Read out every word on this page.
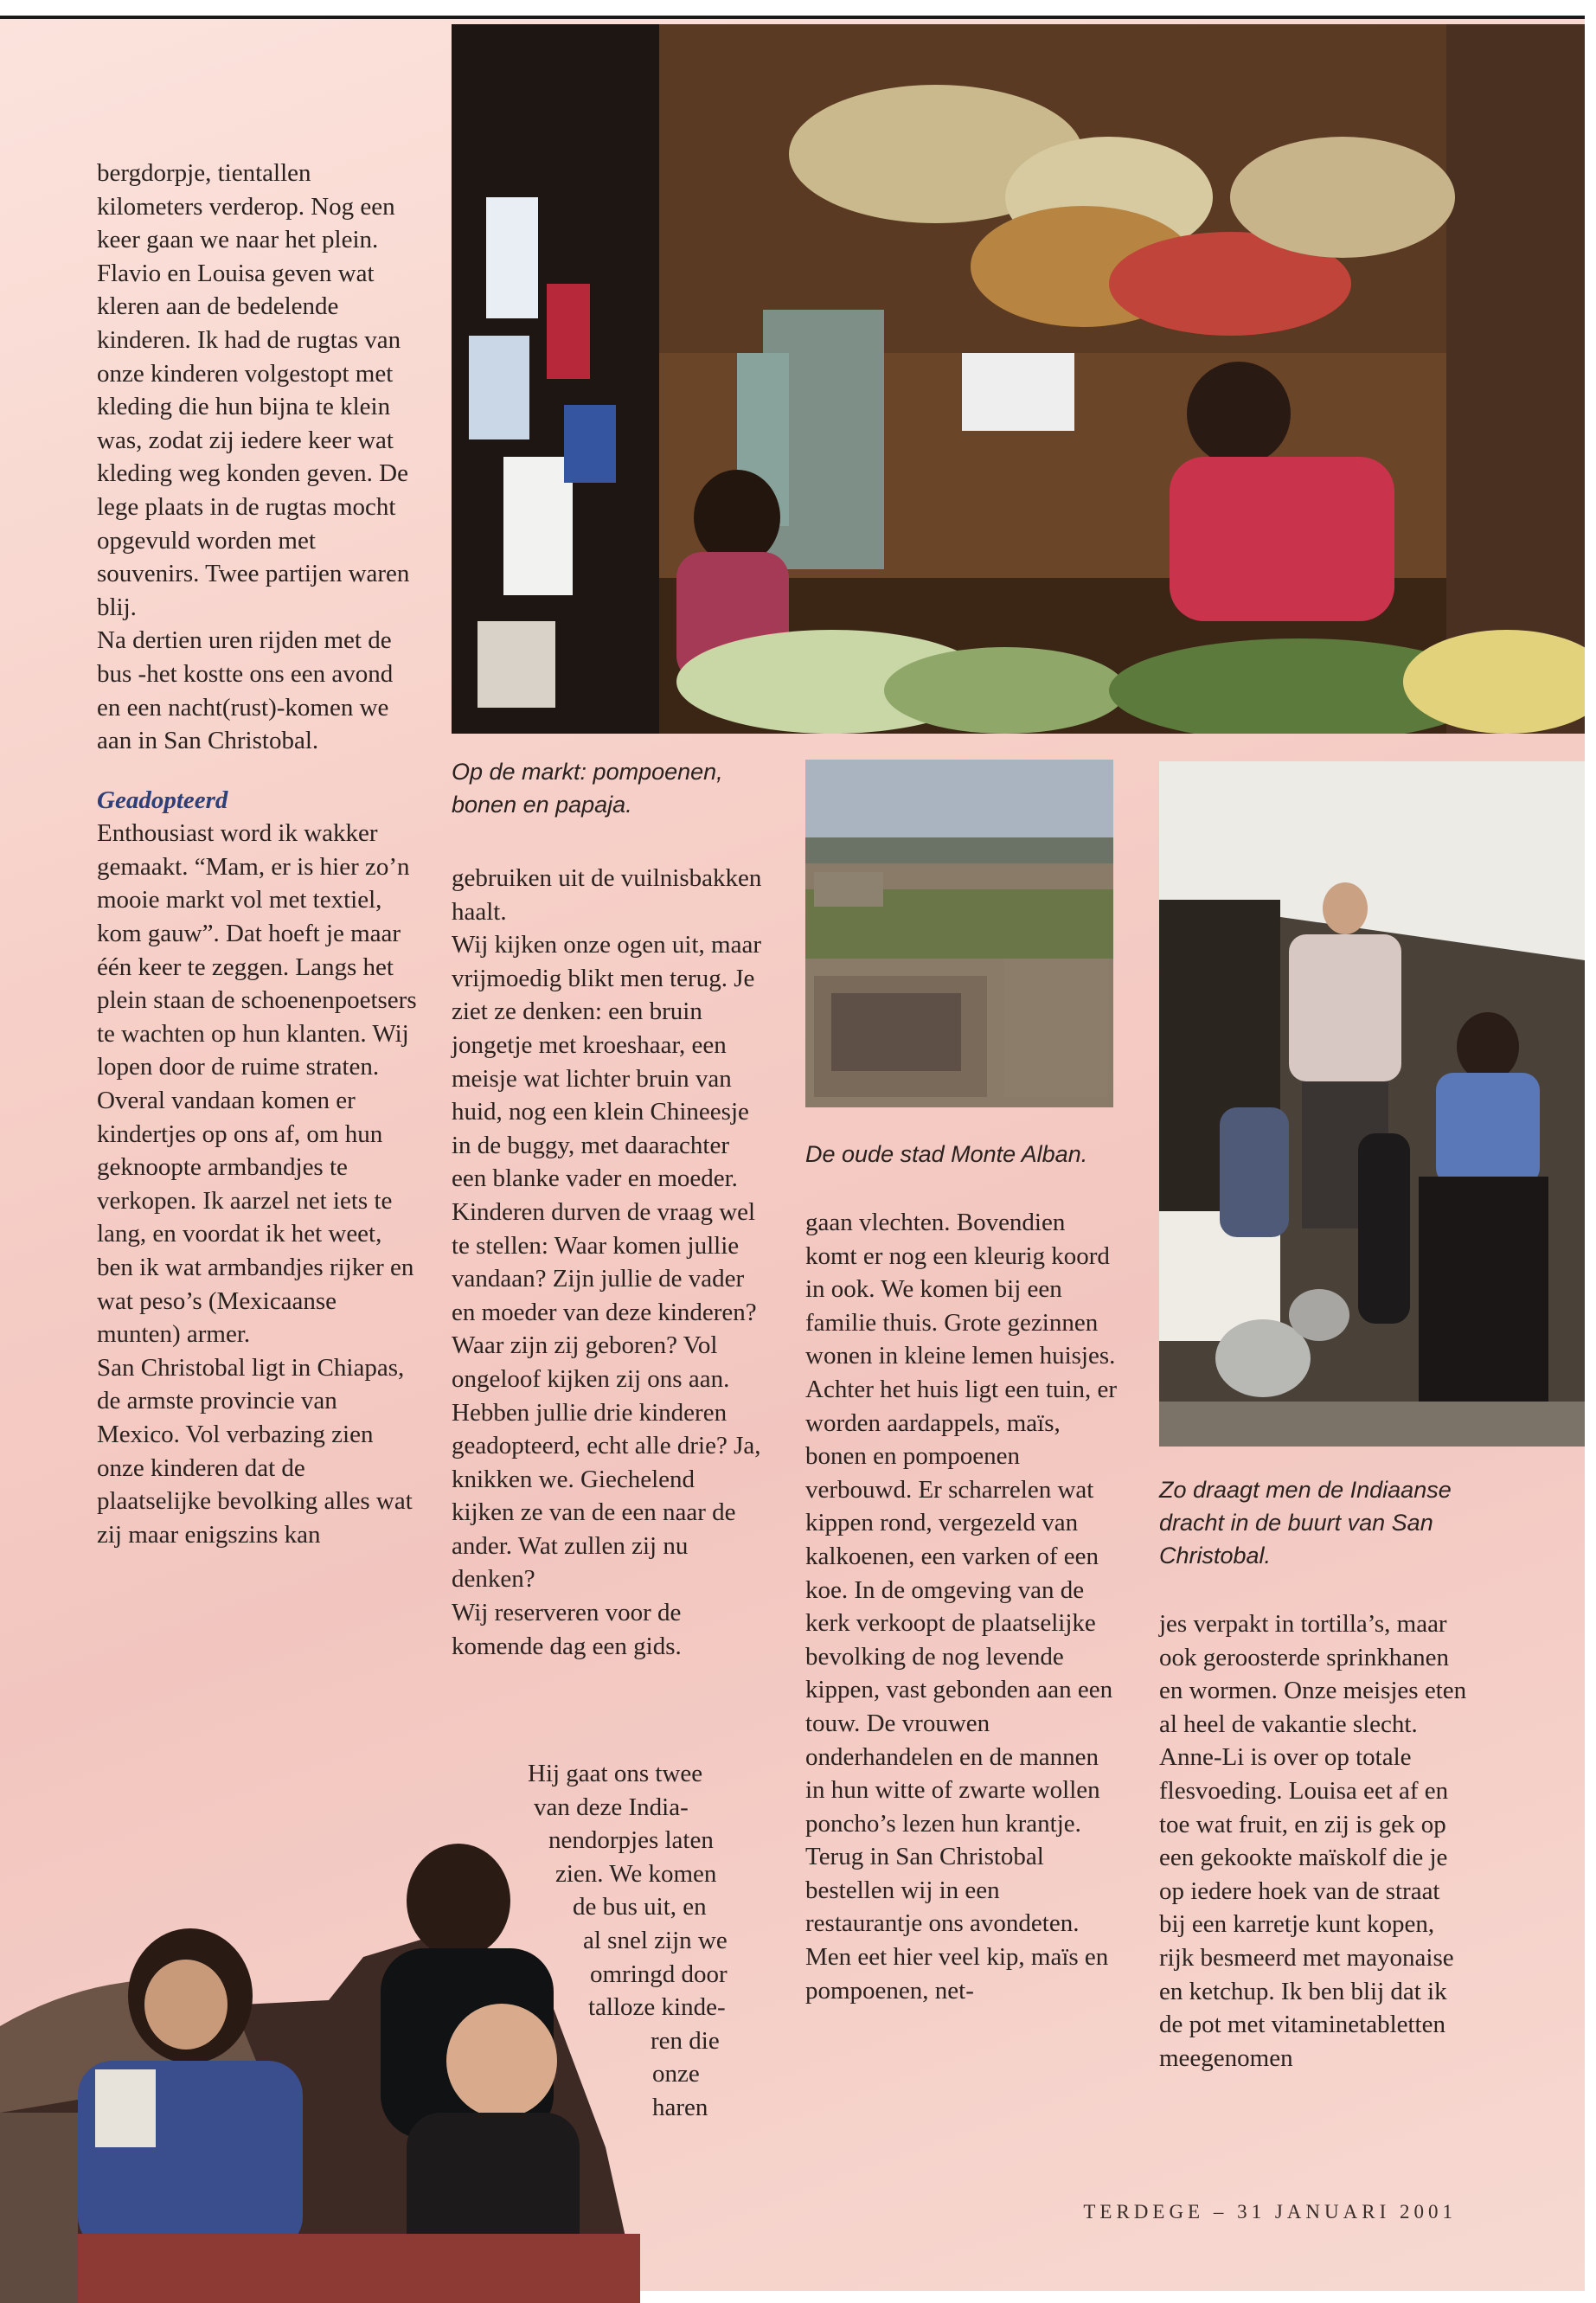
bergdorpje, tientallen kilometers verderop. Nog een keer gaan we naar het plein. Flavio en Louisa geven wat kleren aan de bedelende kinderen. Ik had de rugtas van onze kinderen volgestopt met kleding die hun bijna te klein was, zodat zij iedere keer wat kleding weg konden geven. De lege plaats in de rugtas mocht opgevuld worden met souvenirs. Twee partijen waren blij.

Na dertien uren rijden met de bus -het kostte ons een avond en een nacht(rust)-komen we aan in San Christobal.

Geadopteerd

Enthousiast word ik wakker gemaakt. “Mam, er is hier zo’n mooie markt vol met textiel, kom gauw”. Dat hoeft je maar één keer te zeggen. Langs het plein staan de schoenenpoetsers te wachten op hun klanten. Wij lopen door de ruime straten. Overal vandaan komen er kindertjes op ons af, om hun geknoopte armbandjes te verkopen. Ik aarzel net iets te lang, en voordat ik het weet, ben ik wat armbandjes rijker en wat peso’s (Mexicaanse munten) armer.

San Christobal ligt in Chiapas, de armste provincie van Mexico. Vol verbazing zien onze kinderen dat de plaatselijke bevolking alles wat zij maar enigszins kan

Op de markt: pompoenen, bonen en papaja.

gebruiken uit de vuilnisbakken haalt.

Wij kijken onze ogen uit, maar vrijmoedig blikt men terug. Je ziet ze denken: een bruin jongetje met kroeshaar, een meisje wat lichter bruin van huid, nog een klein Chineesje in de buggy, met daarachter een blanke vader en moeder. Kinderen durven de vraag wel te stellen: Waar komen jullie vandaan? Zijn jullie de vader en moeder van deze kinderen? Waar zijn zij geboren? Vol ongeloof kijken zij ons aan. Hebben jullie drie kinderen geadopteerd, echt alle drie? Ja, knikken we. Giechelend kijken ze van de een naar de ander. Wat zullen zij nu denken?

Wij reserveren voor de komende dag een gids.

Hij gaat ons twee
van deze India-
nendorpjes laten
zien. We komen
de bus uit, en
al snel zijn we
omringd door
talloze kinde-
ren die
onze
haren
De oude stad Monte Alban.

gaan vlechten. Bovendien komt er nog een kleurig koord in ook. We komen bij een familie thuis. Grote gezinnen wonen in kleine lemen huisjes. Achter het huis ligt een tuin, er worden aardappels, maïs, bonen en pompoenen verbouwd. Er scharrelen wat kippen rond, vergezeld van kalkoenen, een varken of een koe. In de omgeving van de kerk verkoopt de plaatselijke bevolking de nog levende kippen, vast gebonden aan een touw. De vrouwen onderhandelen en de mannen in hun witte of zwarte wollen poncho’s lezen hun krantje.

Terug in San Christobal bestellen wij in een restaurantje ons avondeten. Men eet hier veel kip, maïs en pompoenen, net-

Zo draagt men de Indiaanse dracht in de buurt van San Christobal.

jes verpakt in tortilla’s, maar ook geroosterde sprinkhanen en wormen. Onze meisjes eten al heel de vakantie slecht. Anne-Li is over op totale flesvoeding. Louisa eet af en toe wat fruit, en zij is gek op een gekookte maïskolf die je op iedere hoek van de straat bij een karretje kunt kopen, rijk besmeerd met mayonaise en ketchup. Ik ben blij dat ik de pot met vitaminetabletten meegenomen

TERDEGE – 31 JANUARI 2001
